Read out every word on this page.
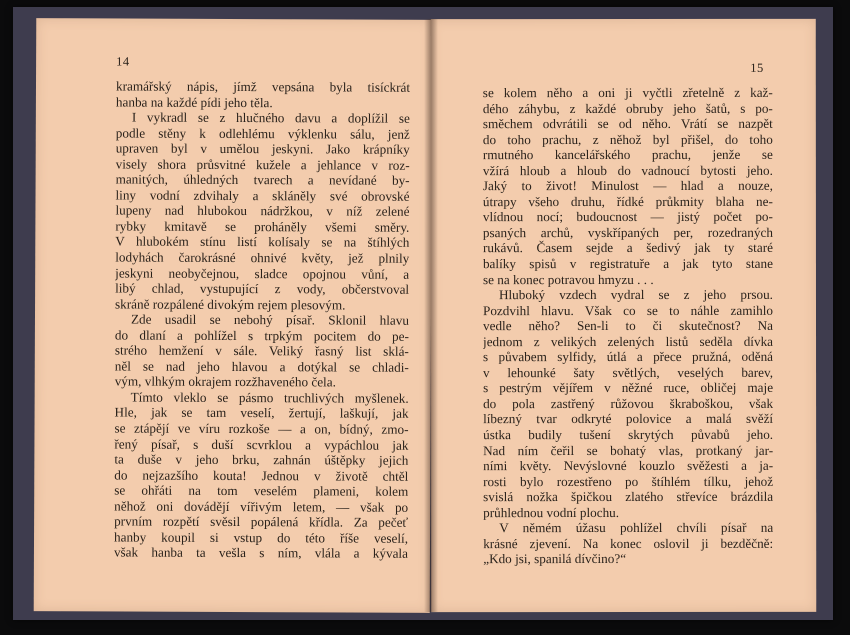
14
kramářský nápis, jímž vepsána byla tisíckrát
hanba na každé pídi jeho těla.
I vykradl se z hlučného davu a doplížil se
podle stěny k odlehlému výklenku sálu, jenž
upraven byl v umělou jeskyni. Jako krápníky
visely shora průsvitné kužele a jehlance v roz-
manitých, úhledných tvarech a nevídané by-
liny vodní zdvihaly a skláněly své obrovské
lupeny nad hlubokou nádržkou, v níž zelené
rybky kmitavě se proháněly všemi směry.
V hlubokém stínu listí kolísaly se na štíhlých
lodyhách čarokrásné ohnivé květy, jež plnily
jeskyni neobyčejnou, sladce opojnou vůní, a
libý chlad, vystupující z vody, občerstvoval
skráně rozpálené divokým rejem plesovým.
Zde usadil se nebohý písař. Sklonil hlavu
do dlaní a pohlížel s trpkým pocitem do pe-
strého hemžení v sále. Veliký řasný list sklá-
něl se nad jeho hlavou a dotýkal se chladi-
vým, vlhkým okrajem rozžhaveného čela.
Tímto vleklo se pásmo truchlivých myšlenek.
Hle, jak se tam veselí, žertují, laškují, jak
se ztápějí ve víru rozkoše — a on, bídný, zmo-
řený písař, s duší scvrklou a vypáchlou jak
ta duše v jeho brku, zahnán úštěpky jejich
do nejzazšího kouta! Jednou v životě chtěl
se ohřáti na tom veselém plameni, kolem
něhož oni dovádějí vířivým letem, — však po
prvním rozpětí svěsil popálená křídla. Za pečeť
hanby koupil si vstup do této říše veselí,
však hanba ta vešla s ním, vlála a kývala
15
se kolem něho a oni ji vyčtli zřetelně z kaž-
dého záhybu, z každé obruby jeho šatů, s po-
směchem odvrátili se od něho. Vrátí se nazpět
do toho prachu, z něhož byl přišel, do toho
rmutného kancelářského prachu, jenže se
vžírá hloub a hloub do vadnoucí bytosti jeho.
Jaký to život! Minulost — hlad a nouze,
útrapy všeho druhu, řídké průkmity blaha ne-
vlídnou nocí; budoucnost — jistý počet po-
psaných archů, vyskřípaných per, rozedraných
rukávů. Časem sejde a šedivý jak ty staré
balíky spisů v registratuře a jak tyto stane
se na konec potravou hmyzu . . .
Hluboký vzdech vydral se z jeho prsou.
Pozdvihl hlavu. Však co se to náhle zamihlo
vedle něho? Sen-li to či skutečnost? Na
jednom z velikých zelených listů seděla dívka
s půvabem sylfidy, útlá a přece pružná, oděná
v lehounké šaty světlých, veselých barev,
s pestrým vějířem v něžné ruce, obličej maje
do pola zastřený růžovou škraboškou, však
líbezný tvar odkryté polovice a malá svěží
ústka budily tušení skrytých půvabů jeho.
Nad ním čeřil se bohatý vlas, protkaný jar-
ními květy. Nevýslovné kouzlo svěžesti a ja-
rosti bylo rozestřeno po štíhlém tílku, jehož
svislá nožka špičkou zlatého střevíce brázdila
průhlednou vodní plochu.
V němém úžasu pohlížel chvíli písař na
krásné zjevení. Na konec oslovil ji bezděčně:
„Kdo jsi, spanilá dívčino?“
